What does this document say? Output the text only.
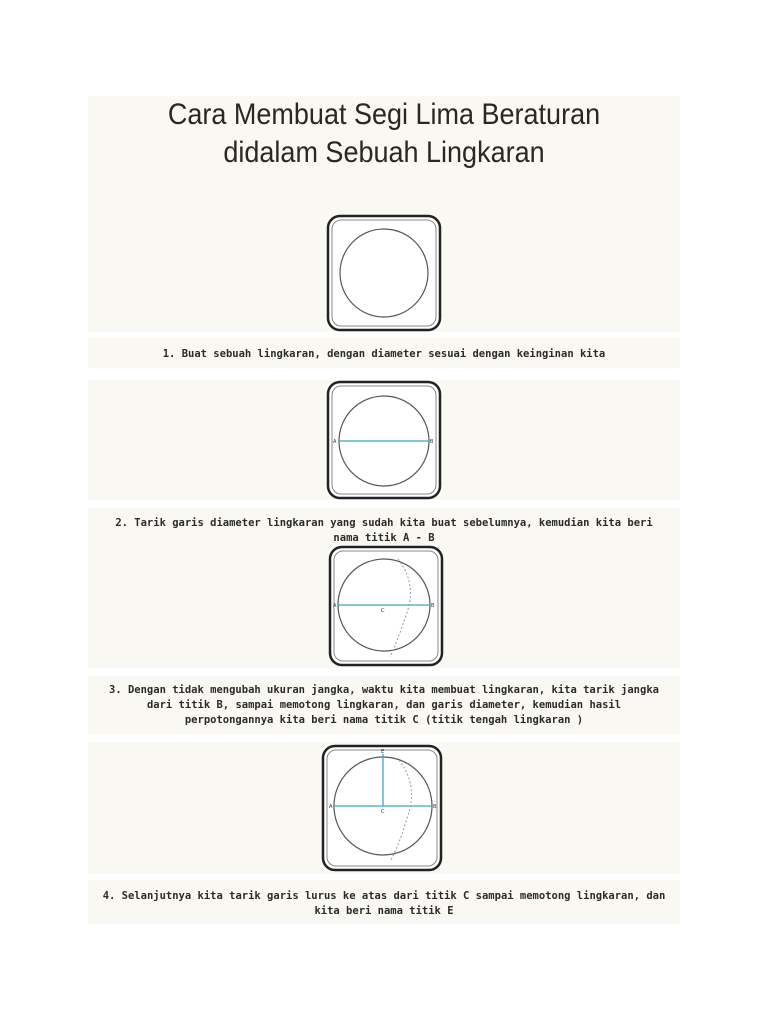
Cara Membuat Segi Lima Beraturan
didalam Sebuah Lingkaran
1. Buat sebuah lingkaran, dengan diameter sesuai dengan keinginan kita
A	B
2. Tarik garis diameter lingkaran yang sudah kita buat sebelumnya, kemudian kita beri
nama titik A - B
A
C
B
3. Dengan tidak mengubah ukuran jangka, waktu kita membuat lingkaran, kita tarik jangka
dari titik B, sampai memotong lingkaran, dan garis diameter, kemudian hasil
perpotongannya kita beri nama titik C (titik tengah lingkaran )
E
A
C
B
4. Selanjutnya kita tarik garis lurus ke atas dari titik C sampai memotong lingkaran, dan
kita beri nama titik E
